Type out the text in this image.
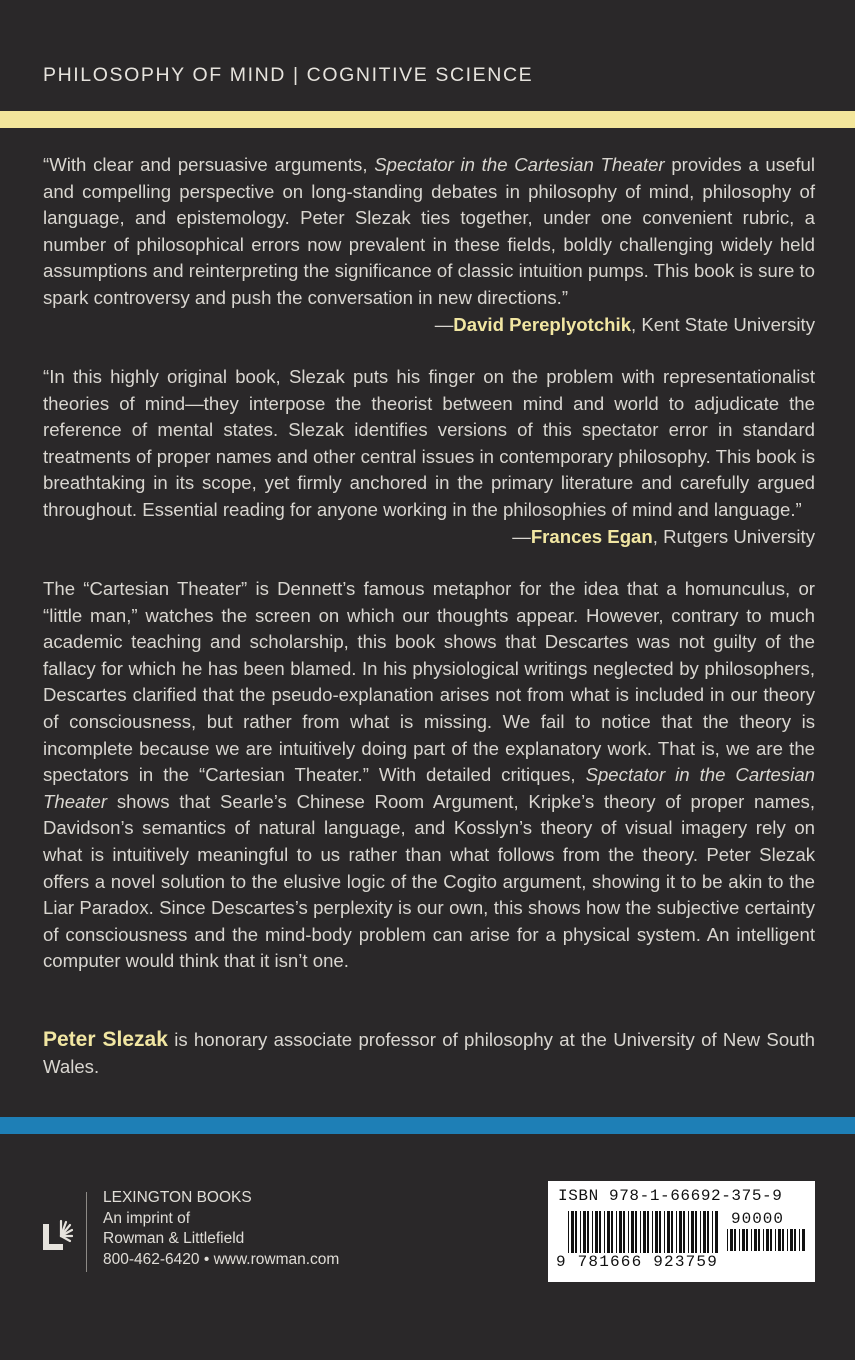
PHILOSOPHY OF MIND | COGNITIVE SCIENCE

“With clear and persuasive arguments, Spectator in the Cartesian Theater provides a useful and compelling perspective on long-standing debates in philosophy of mind, philosophy of language, and epistemology. Peter Slezak ties together, under one convenient rubric, a number of philosophical errors now prevalent in these fields, boldly challenging widely held assumptions and reinterpreting the significance of classic intuition pumps. This book is sure to spark controversy and push the conversation in new directions.”
—David Pereplyotchik, Kent State University

“In this highly original book, Slezak puts his finger on the problem with representationalist theories of mind—they interpose the theorist between mind and world to adjudicate the reference of mental states. Slezak identifies versions of this spectator error in standard treatments of proper names and other central issues in contemporary philosophy. This book is breathtaking in its scope, yet firmly anchored in the primary literature and carefully argued throughout. Essential reading for anyone working in the philosophies of mind and language.”
—Frances Egan, Rutgers University

The “Cartesian Theater” is Dennett’s famous metaphor for the idea that a homunculus, or “little man,” watches the screen on which our thoughts appear. However, contrary to much academic teaching and scholarship, this book shows that Descartes was not guilty of the fallacy for which he has been blamed. In his physiological writings neglected by philosophers, Descartes clarified that the pseudo-explanation arises not from what is included in our theory of consciousness, but rather from what is missing. We fail to notice that the theory is incomplete because we are intuitively doing part of the explanatory work. That is, we are the spectators in the “Cartesian Theater.” With detailed critiques, Spectator in the Cartesian Theater shows that Searle’s Chinese Room Argument, Kripke’s theory of proper names, Davidson’s semantics of natural language, and Kosslyn’s theory of visual imagery rely on what is intuitively meaningful to us rather than what follows from the theory. Peter Slezak offers a novel solution to the elusive logic of the Cogito argument, showing it to be akin to the Liar Paradox. Since Descartes’s perplexity is our own, this shows how the subjective certainty of consciousness and the mind-body problem can arise for a physical system. An intelligent computer would think that it isn’t one.

Peter Slezak is honorary associate professor of philosophy at the University of New South Wales.

LEXINGTON BOOKS
An imprint of
Rowman & Littlefield
800-462-6420 • www.rowman.com
ISBN 978-1-66692-375-9
90000
9 781666 923759
